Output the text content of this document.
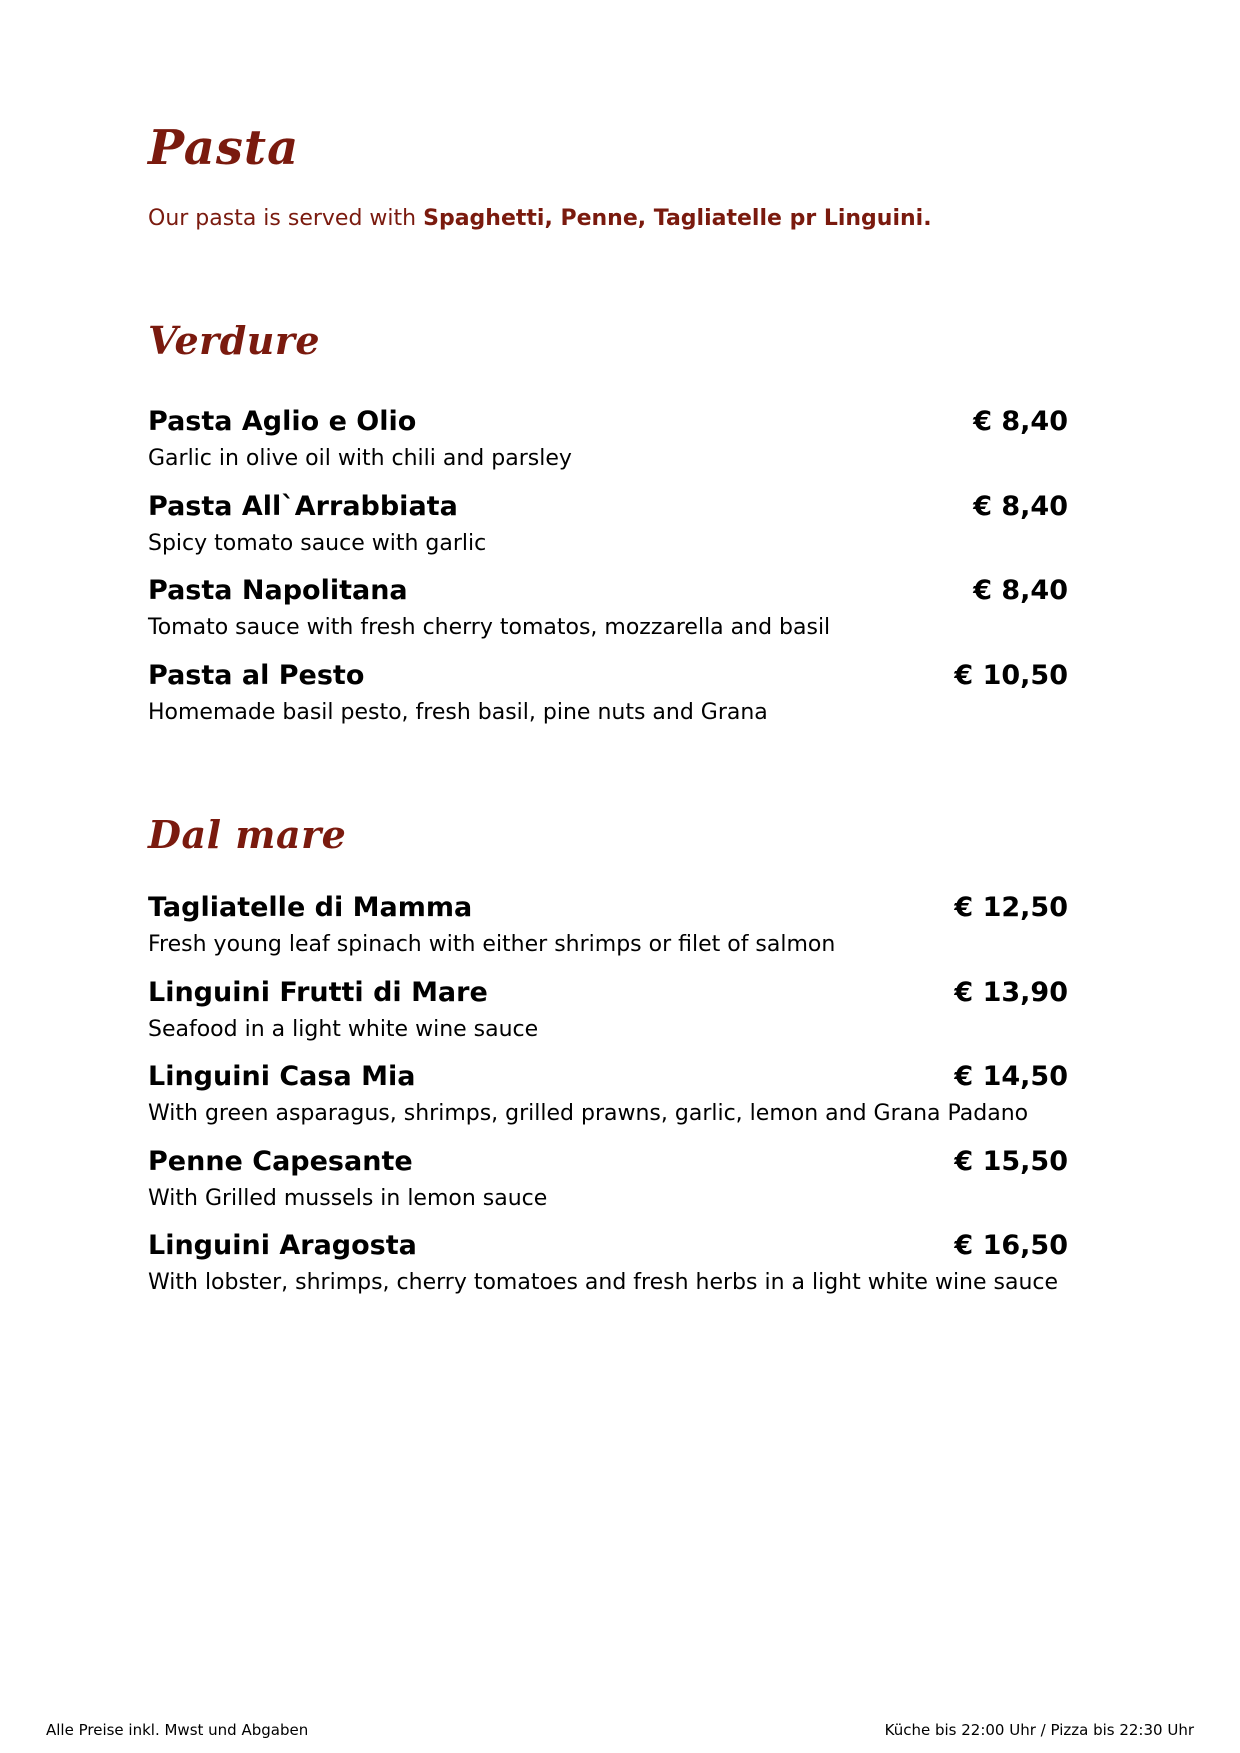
Pasta

Our pasta is served with Spaghetti, Penne, Tagliatelle pr Linguini.

Verdure
Pasta Aglio e Olio	€ 8,40
Garlic in olive oil with chili and parsley
Pasta All`Arrabbiata	€ 8,40
Spicy tomato sauce with garlic
Pasta Napolitana	€ 8,40
Tomato sauce with fresh cherry tomatos, mozzarella and basil
Pasta al Pesto	€ 10,50
Homemade basil pesto, fresh basil, pine nuts and Grana
Dal mare
Tagliatelle di Mamma	€ 12,50
Fresh young leaf spinach with either shrimps or filet of salmon
Linguini Frutti di Mare	€ 13,90
Seafood in a light white wine sauce
Linguini Casa Mia	€ 14,50
With green asparagus, shrimps, grilled prawns, garlic, lemon and Grana Padano
Penne Capesante	€ 15,50
With Grilled mussels in lemon sauce
Linguini Aragosta	€ 16,50
With lobster, shrimps, cherry tomatoes and fresh herbs in a light white wine sauce
Alle Preise inkl. Mwst und Abgaben	Küche bis 22:00 Uhr / Pizza bis 22:30 Uhr
